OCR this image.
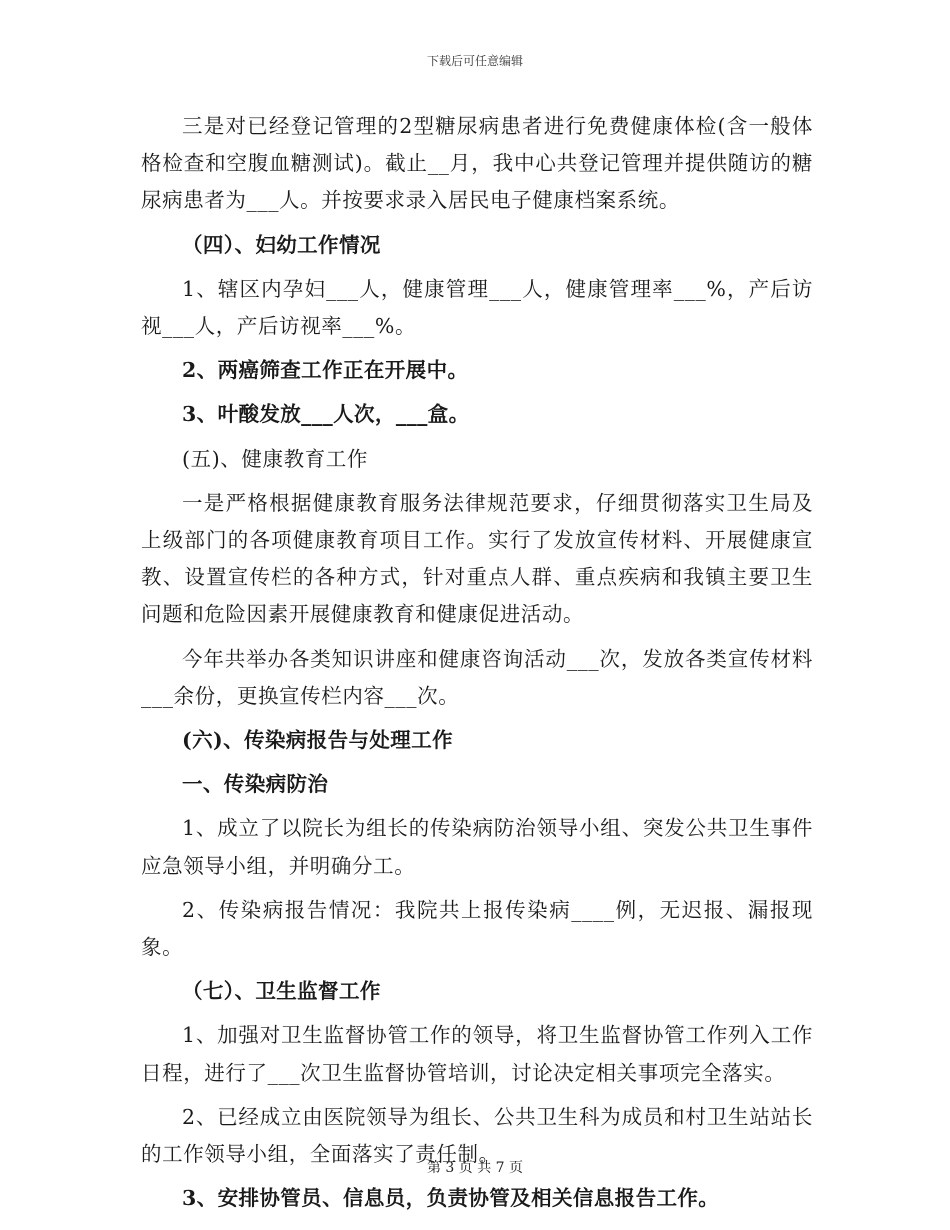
下载后可任意编辑

三是对已经登记管理的2型糖尿病患者进行免费健康体检(含一般体格检查和空腹血糖测试)。截止__月，我中心共登记管理并提供随访的糖尿病患者为___人。并按要求录入居民电子健康档案系统。

（四）、妇幼工作情况

1、辖区内孕妇___人，健康管理___人，健康管理率___%，产后访视___人，产后访视率___%。

2、两癌筛查工作正在开展中。

3、叶酸发放___人次，___盒。

(五)、健康教育工作

一是严格根据健康教育服务法律规范要求，仔细贯彻落实卫生局及上级部门的各项健康教育项目工作。实行了发放宣传材料、开展健康宣教、设置宣传栏的各种方式，针对重点人群、重点疾病和我镇主要卫生问题和危险因素开展健康教育和健康促进活动。

今年共举办各类知识讲座和健康咨询活动___次，发放各类宣传材料___余份，更换宣传栏内容___次。

(六)、传染病报告与处理工作

一、传染病防治

1、成立了以院长为组长的传染病防治领导小组、突发公共卫生事件应急领导小组，并明确分工。

2、传染病报告情况：我院共上报传染病____例，无迟报、漏报现象。

（七）、卫生监督工作

1、加强对卫生监督协管工作的领导，将卫生监督协管工作列入工作日程，进行了___次卫生监督协管培训，讨论决定相关事项完全落实。

2、已经成立由医院领导为组长、公共卫生科为成员和村卫生站站长的工作领导小组，全面落实了责任制。

3、安排协管员、信息员，负责协管及相关信息报告工作。

第 3 页 共 7 页
